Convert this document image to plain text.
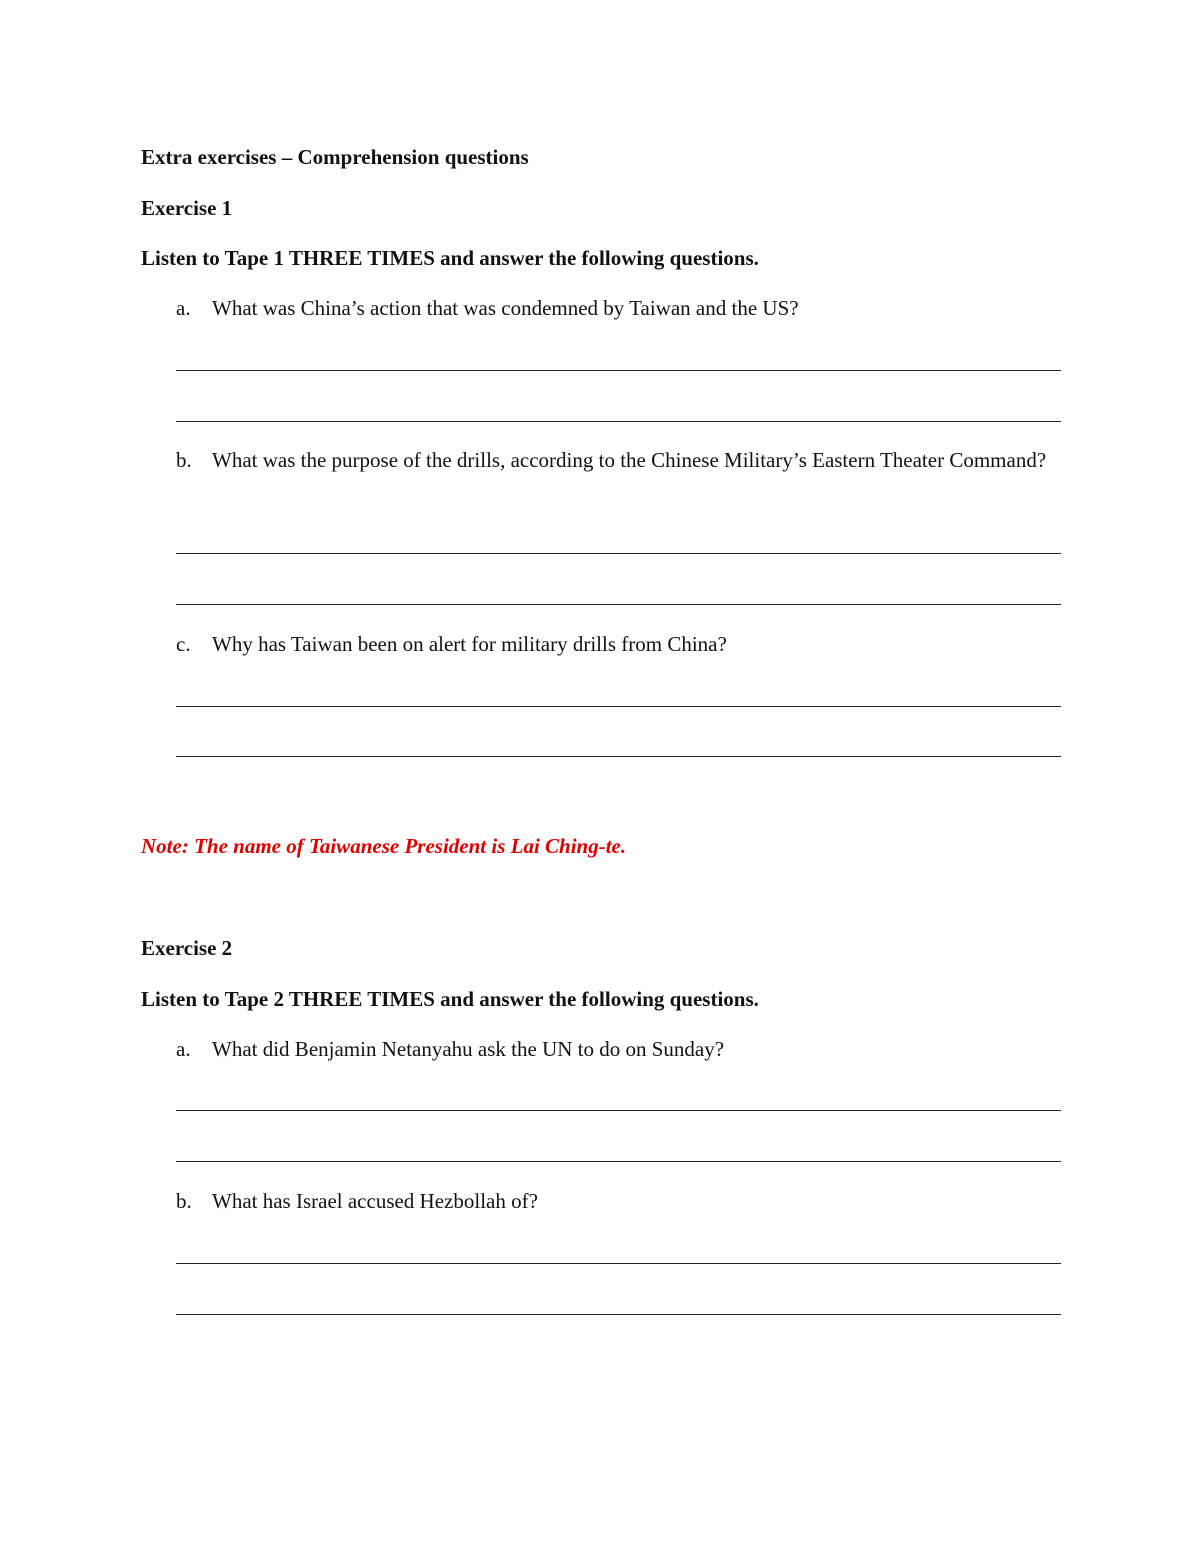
Extra exercises – Comprehension questions
Exercise 1
Listen to Tape 1 THREE TIMES and answer the following questions.
a. What was China’s action that was condemned by Taiwan and the US?
b. What was the purpose of the drills, according to the Chinese Military’s Eastern Theater Command?
c. Why has Taiwan been on alert for military drills from China?
Note: The name of Taiwanese President is Lai Ching-te.
Exercise 2
Listen to Tape 2 THREE TIMES and answer the following questions.
a. What did Benjamin Netanyahu ask the UN to do on Sunday?
b. What has Israel accused Hezbollah of?
